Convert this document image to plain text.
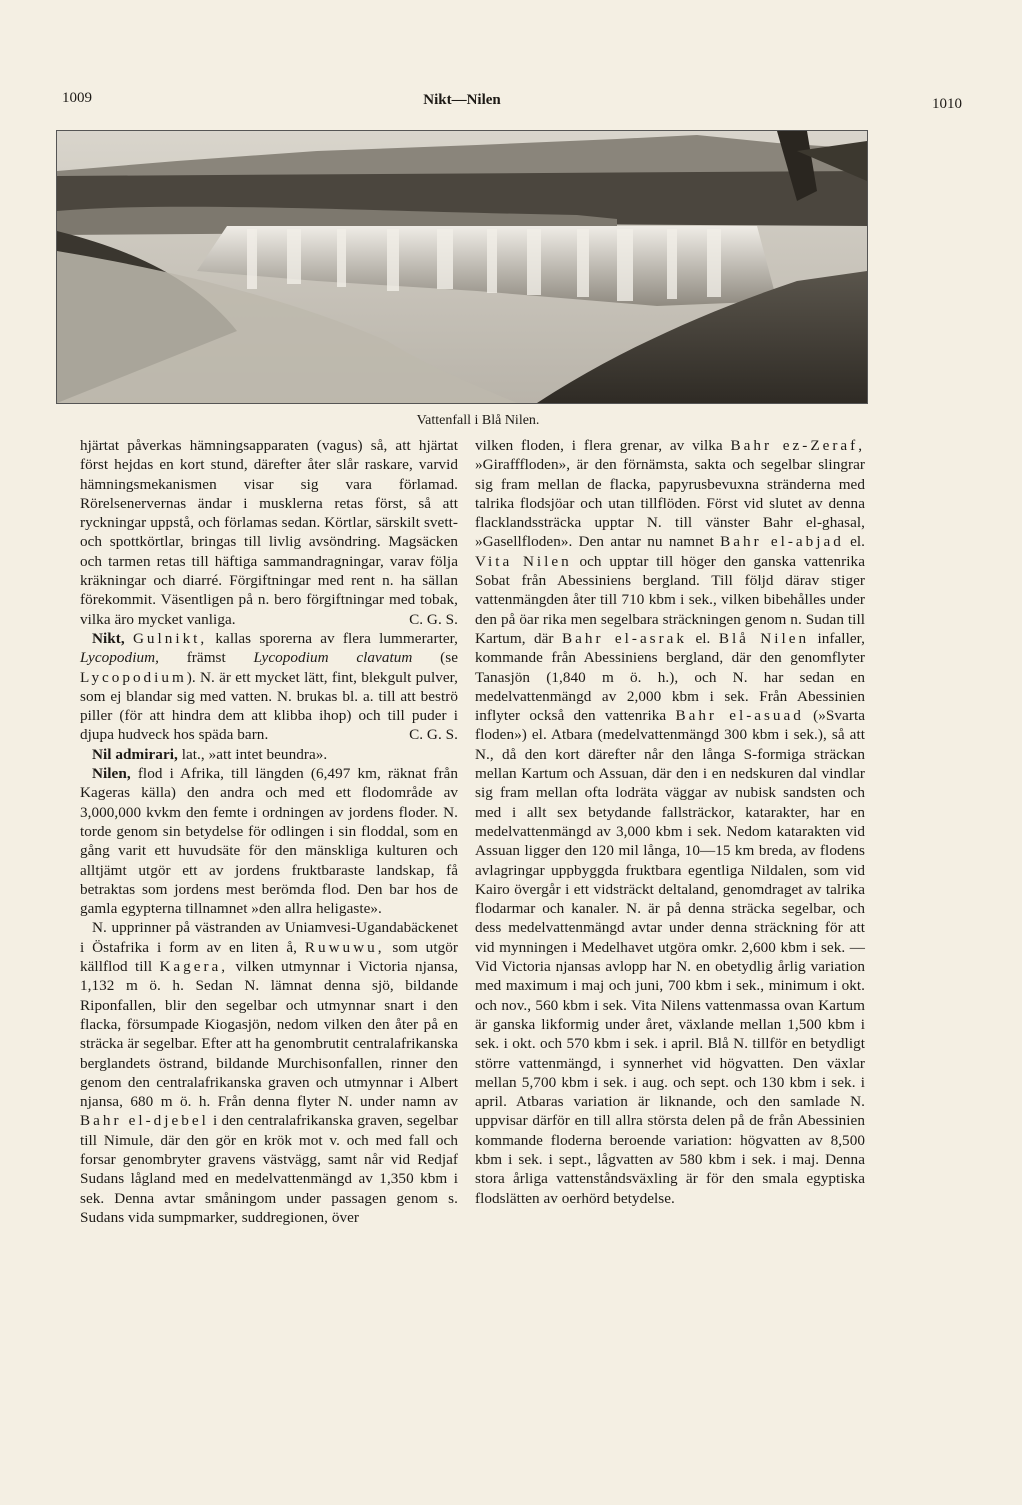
1009	Nikt—Nilen	1010
Vattenfall i Blå Nilen.

hjärtat påverkas hämningsapparaten (vagus) så, att hjärtat först hejdas en kort stund, därefter åter slår raskare, varvid hämningsmekanismen visar sig vara förlamad. Rörelsenervernas ändar i musklerna retas först, så att ryckningar uppstå, och förlamas sedan. Körtlar, särskilt svett- och spottkörtlar, bringas till livlig avsöndring. Magsäcken och tarmen retas till häftiga sammandragningar, varav följa kräkningar och diarré. Förgiftningar med rent n. ha sällan förekommit. Väsentligen på n. bero förgiftningar med tobak, vilka äro mycket vanliga.	C. G. S.

Nikt, Gulnikt, kallas sporerna av flera lummerarter, Lycopodium, främst Lycopodium clavatum (se Lycopodium). N. är ett mycket lätt, fint, blekgult pulver, som ej blandar sig med vatten. N. brukas bl. a. till att beströ piller (för att hindra dem att klibba ihop) och till puder i djupa hudveck hos späda barn.	C. G. S.

Nil admirari, lat., »att intet beundra».

Nilen, flod i Afrika, till längden (6,497 km, räknat från Kageras källa) den andra och med ett flodområde av 3,000,000 kvkm den femte i ordningen av jordens floder. N. torde genom sin betydelse för odlingen i sin floddal, som en gång varit ett huvudsäte för den mänskliga kulturen och alltjämt utgör ett av jordens fruktbaraste landskap, få betraktas som jordens mest berömda flod. Den bar hos de gamla egypterna tillnamnet »den allra heligaste».

N. upprinner på västranden av Uniamvesi-Ugandabäckenet i Östafrika i form av en liten å, Ruwuwu, som utgör källflod till Kagera, vilken utmynnar i Victoria njansa, 1,132 m ö. h. Sedan N. lämnat denna sjö, bildande Riponfallen, blir den segelbar och utmynnar snart i den flacka, försumpade Kiogasjön, nedom vilken den åter på en sträcka är segelbar. Efter att ha genombrutit centralafrikanska berglandets östrand, bildande Murchisonfallen, rinner den genom den centralafrikanska graven och utmynnar i Albert njansa, 680 m ö. h. Från denna flyter N. under namn av Bahr el-djebel i den centralafrikanska graven, segelbar till Nimule, där den gör en krök mot v. och med fall och forsar genombryter gravens västvägg, samt når vid Redjaf Sudans lågland med en medelvattenmängd av 1,350 kbm i sek. Denna avtar småningom under passagen genom s. Sudans vida sumpmarker, suddregionen, över

vilken floden, i flera grenar, av vilka Bahr ez-Zeraf, »Girafffloden», är den förnämsta, sakta och segelbar slingrar sig fram mellan de flacka, papyrusbevuxna stränderna med talrika flodsjöar och utan tillflöden. Först vid slutet av denna flacklandssträcka upptar N. till vänster Bahr el-ghasal, »Gasellfloden». Den antar nu namnet Bahr el-abjad el. Vita Nilen och upptar till höger den ganska vattenrika Sobat från Abessiniens bergland. Till följd därav stiger vattenmängden åter till 710 kbm i sek., vilken bibehålles under den på öar rika men segelbara sträckningen genom n. Sudan till Kartum, där Bahr el-asrak el. Blå Nilen infaller, kommande från Abessiniens bergland, där den genomflyter Tanasjön (1,840 m ö. h.), och N. har sedan en medelvattenmängd av 2,000 kbm i sek. Från Abessinien inflyter också den vattenrika Bahr el-asuad (»Svarta floden») el. Atbara (medelvattenmängd 300 kbm i sek.), så att N., då den kort därefter når den långa S-formiga sträckan mellan Kartum och Assuan, där den i en nedskuren dal vindlar sig fram mellan ofta lodräta väggar av nubisk sandsten och med i allt sex betydande fallsträckor, katarakter, har en medelvattenmängd av 3,000 kbm i sek. Nedom katarakten vid Assuan ligger den 120 mil långa, 10—15 km breda, av flodens avlagringar uppbyggda fruktbara egentliga Nildalen, som vid Kairo övergår i ett vidsträckt deltaland, genomdraget av talrika flodarmar och kanaler. N. är på denna sträcka segelbar, och dess medelvattenmängd avtar under denna sträckning för att vid mynningen i Medelhavet utgöra omkr. 2,600 kbm i sek. — Vid Victoria njansas avlopp har N. en obetydlig årlig variation med maximum i maj och juni, 700 kbm i sek., minimum i okt. och nov., 560 kbm i sek. Vita Nilens vattenmassa ovan Kartum är ganska likformig under året, växlande mellan 1,500 kbm i sek. i okt. och 570 kbm i sek. i april. Blå N. tillför en betydligt större vattenmängd, i synnerhet vid högvatten. Den växlar mellan 5,700 kbm i sek. i aug. och sept. och 130 kbm i sek. i april. Atbaras variation är liknande, och den samlade N. uppvisar därför en till allra största delen på de från Abessinien kommande floderna beroende variation: högvatten av 8,500 kbm i sek. i sept., lågvatten av 580 kbm i sek. i maj. Denna stora årliga vattenståndsväxling är för den smala egyptiska flodslätten av oerhörd betydelse.
